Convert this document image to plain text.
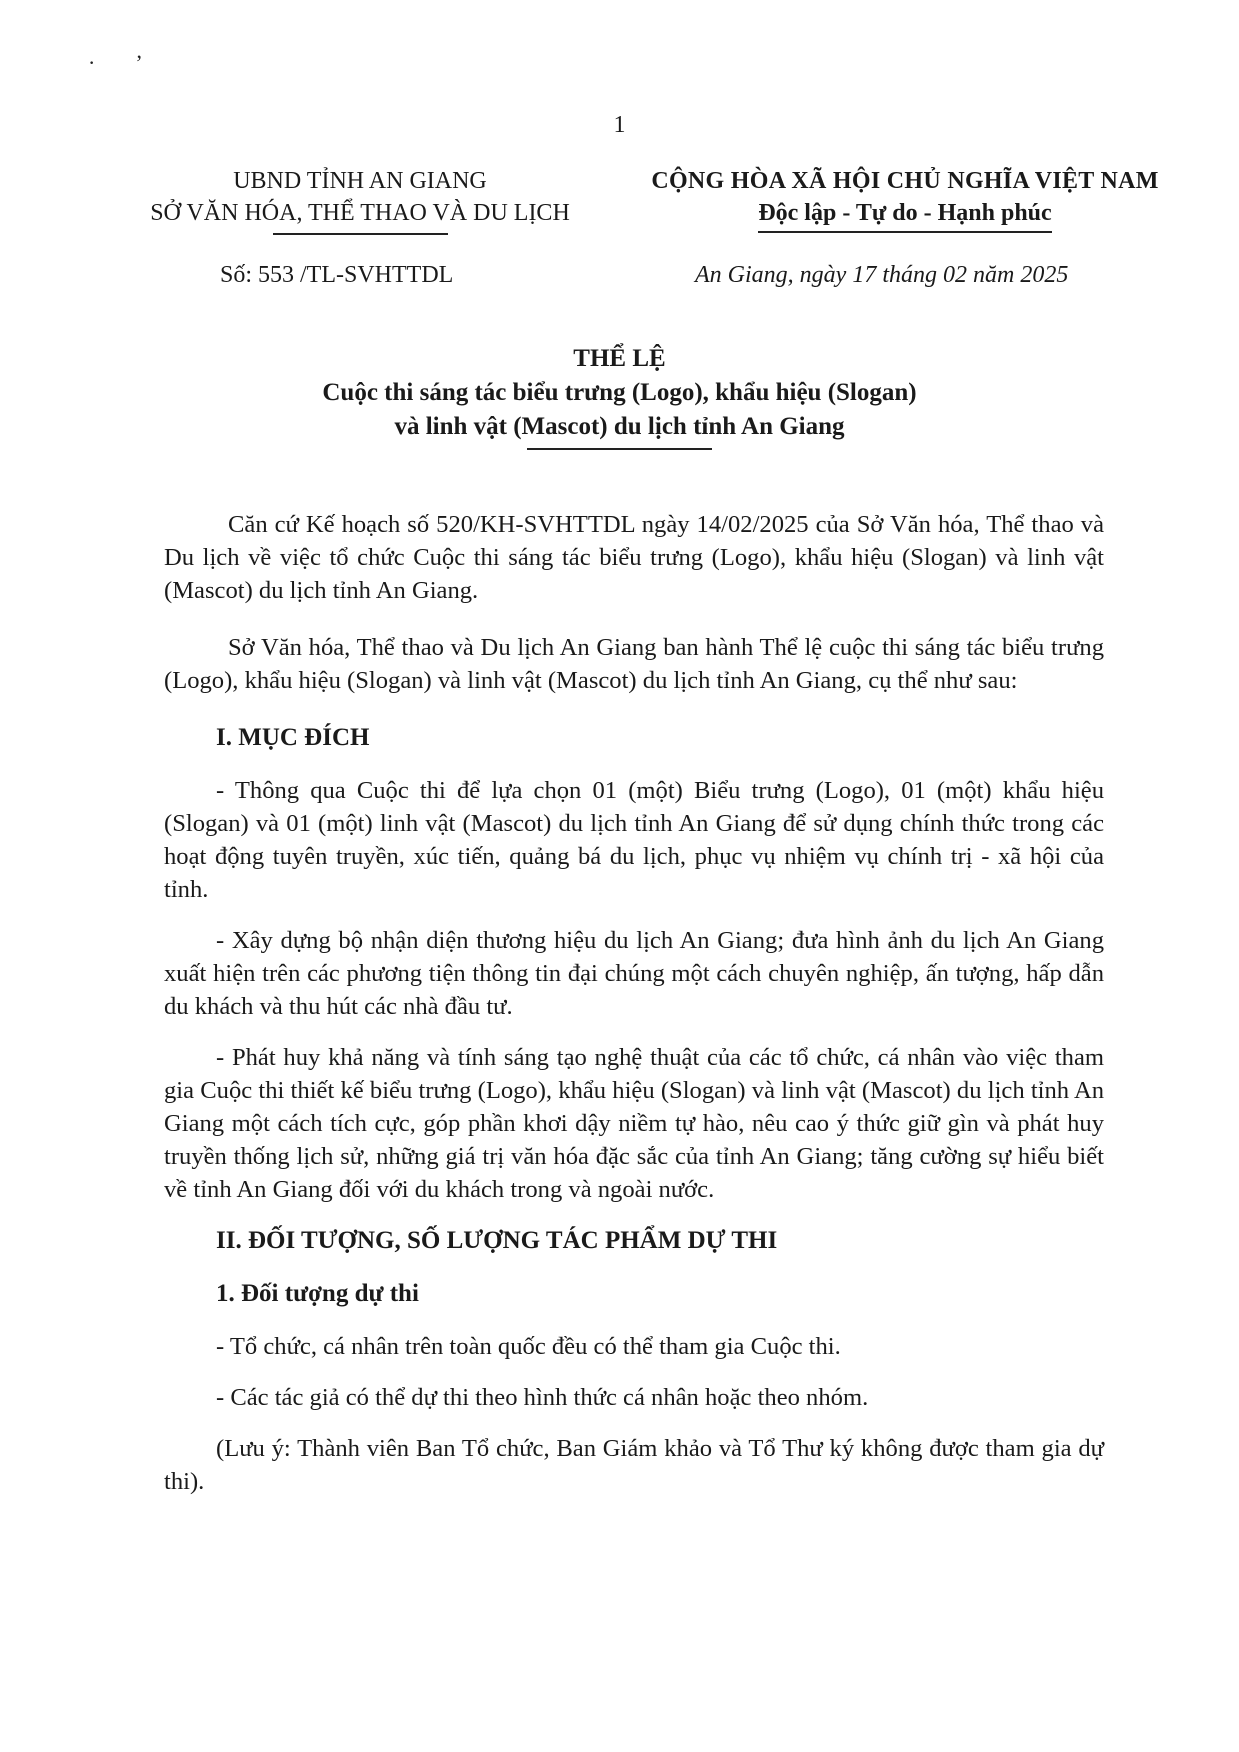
·’
1
UBND TỈNH AN GIANG
SỞ VĂN HÓA, THỂ THAO VÀ DU LỊCH
CỘNG HÒA XÃ HỘI CHỦ NGHĨA VIỆT NAM
Độc lập - Tự do - Hạnh phúc
Số: 553 /TL-SVHTTDL	An Giang, ngày 17 tháng 02 năm 2025
THỂ LỆ
Cuộc thi sáng tác biểu trưng (Logo), khẩu hiệu (Slogan)
và linh vật (Mascot) du lịch tỉnh An Giang

Căn cứ Kế hoạch số 520/KH-SVHTTDL ngày 14/02/2025 của Sở Văn hóa, Thể thao và Du lịch về việc tổ chức Cuộc thi sáng tác biểu trưng (Logo), khẩu hiệu (Slogan) và linh vật (Mascot) du lịch tỉnh An Giang.

Sở Văn hóa, Thể thao và Du lịch An Giang ban hành Thể lệ cuộc thi sáng tác biểu trưng (Logo), khẩu hiệu (Slogan) và linh vật (Mascot) du lịch tỉnh An Giang, cụ thể như sau:

I. MỤC ĐÍCH

- Thông qua Cuộc thi để lựa chọn 01 (một) Biểu trưng (Logo), 01 (một) khẩu hiệu (Slogan) và 01 (một) linh vật (Mascot) du lịch tỉnh An Giang để sử dụng chính thức trong các hoạt động tuyên truyền, xúc tiến, quảng bá du lịch, phục vụ nhiệm vụ chính trị - xã hội của tỉnh.

- Xây dựng bộ nhận diện thương hiệu du lịch An Giang; đưa hình ảnh du lịch An Giang xuất hiện trên các phương tiện thông tin đại chúng một cách chuyên nghiệp, ấn tượng, hấp dẫn du khách và thu hút các nhà đầu tư.

- Phát huy khả năng và tính sáng tạo nghệ thuật của các tổ chức, cá nhân vào việc tham gia Cuộc thi thiết kế biểu trưng (Logo), khẩu hiệu (Slogan) và linh vật (Mascot) du lịch tỉnh An Giang một cách tích cực, góp phần khơi dậy niềm tự hào, nêu cao ý thức giữ gìn và phát huy truyền thống lịch sử, những giá trị văn hóa đặc sắc của tỉnh An Giang; tăng cường sự hiểu biết về tỉnh An Giang đối với du khách trong và ngoài nước.

II. ĐỐI TƯỢNG, SỐ LƯỢNG TÁC PHẨM DỰ THI
1. Đối tượng dự thi

- Tổ chức, cá nhân trên toàn quốc đều có thể tham gia Cuộc thi.

- Các tác giả có thể dự thi theo hình thức cá nhân hoặc theo nhóm.

(Lưu ý: Thành viên Ban Tổ chức, Ban Giám khảo và Tổ Thư ký không được tham gia dự thi).
